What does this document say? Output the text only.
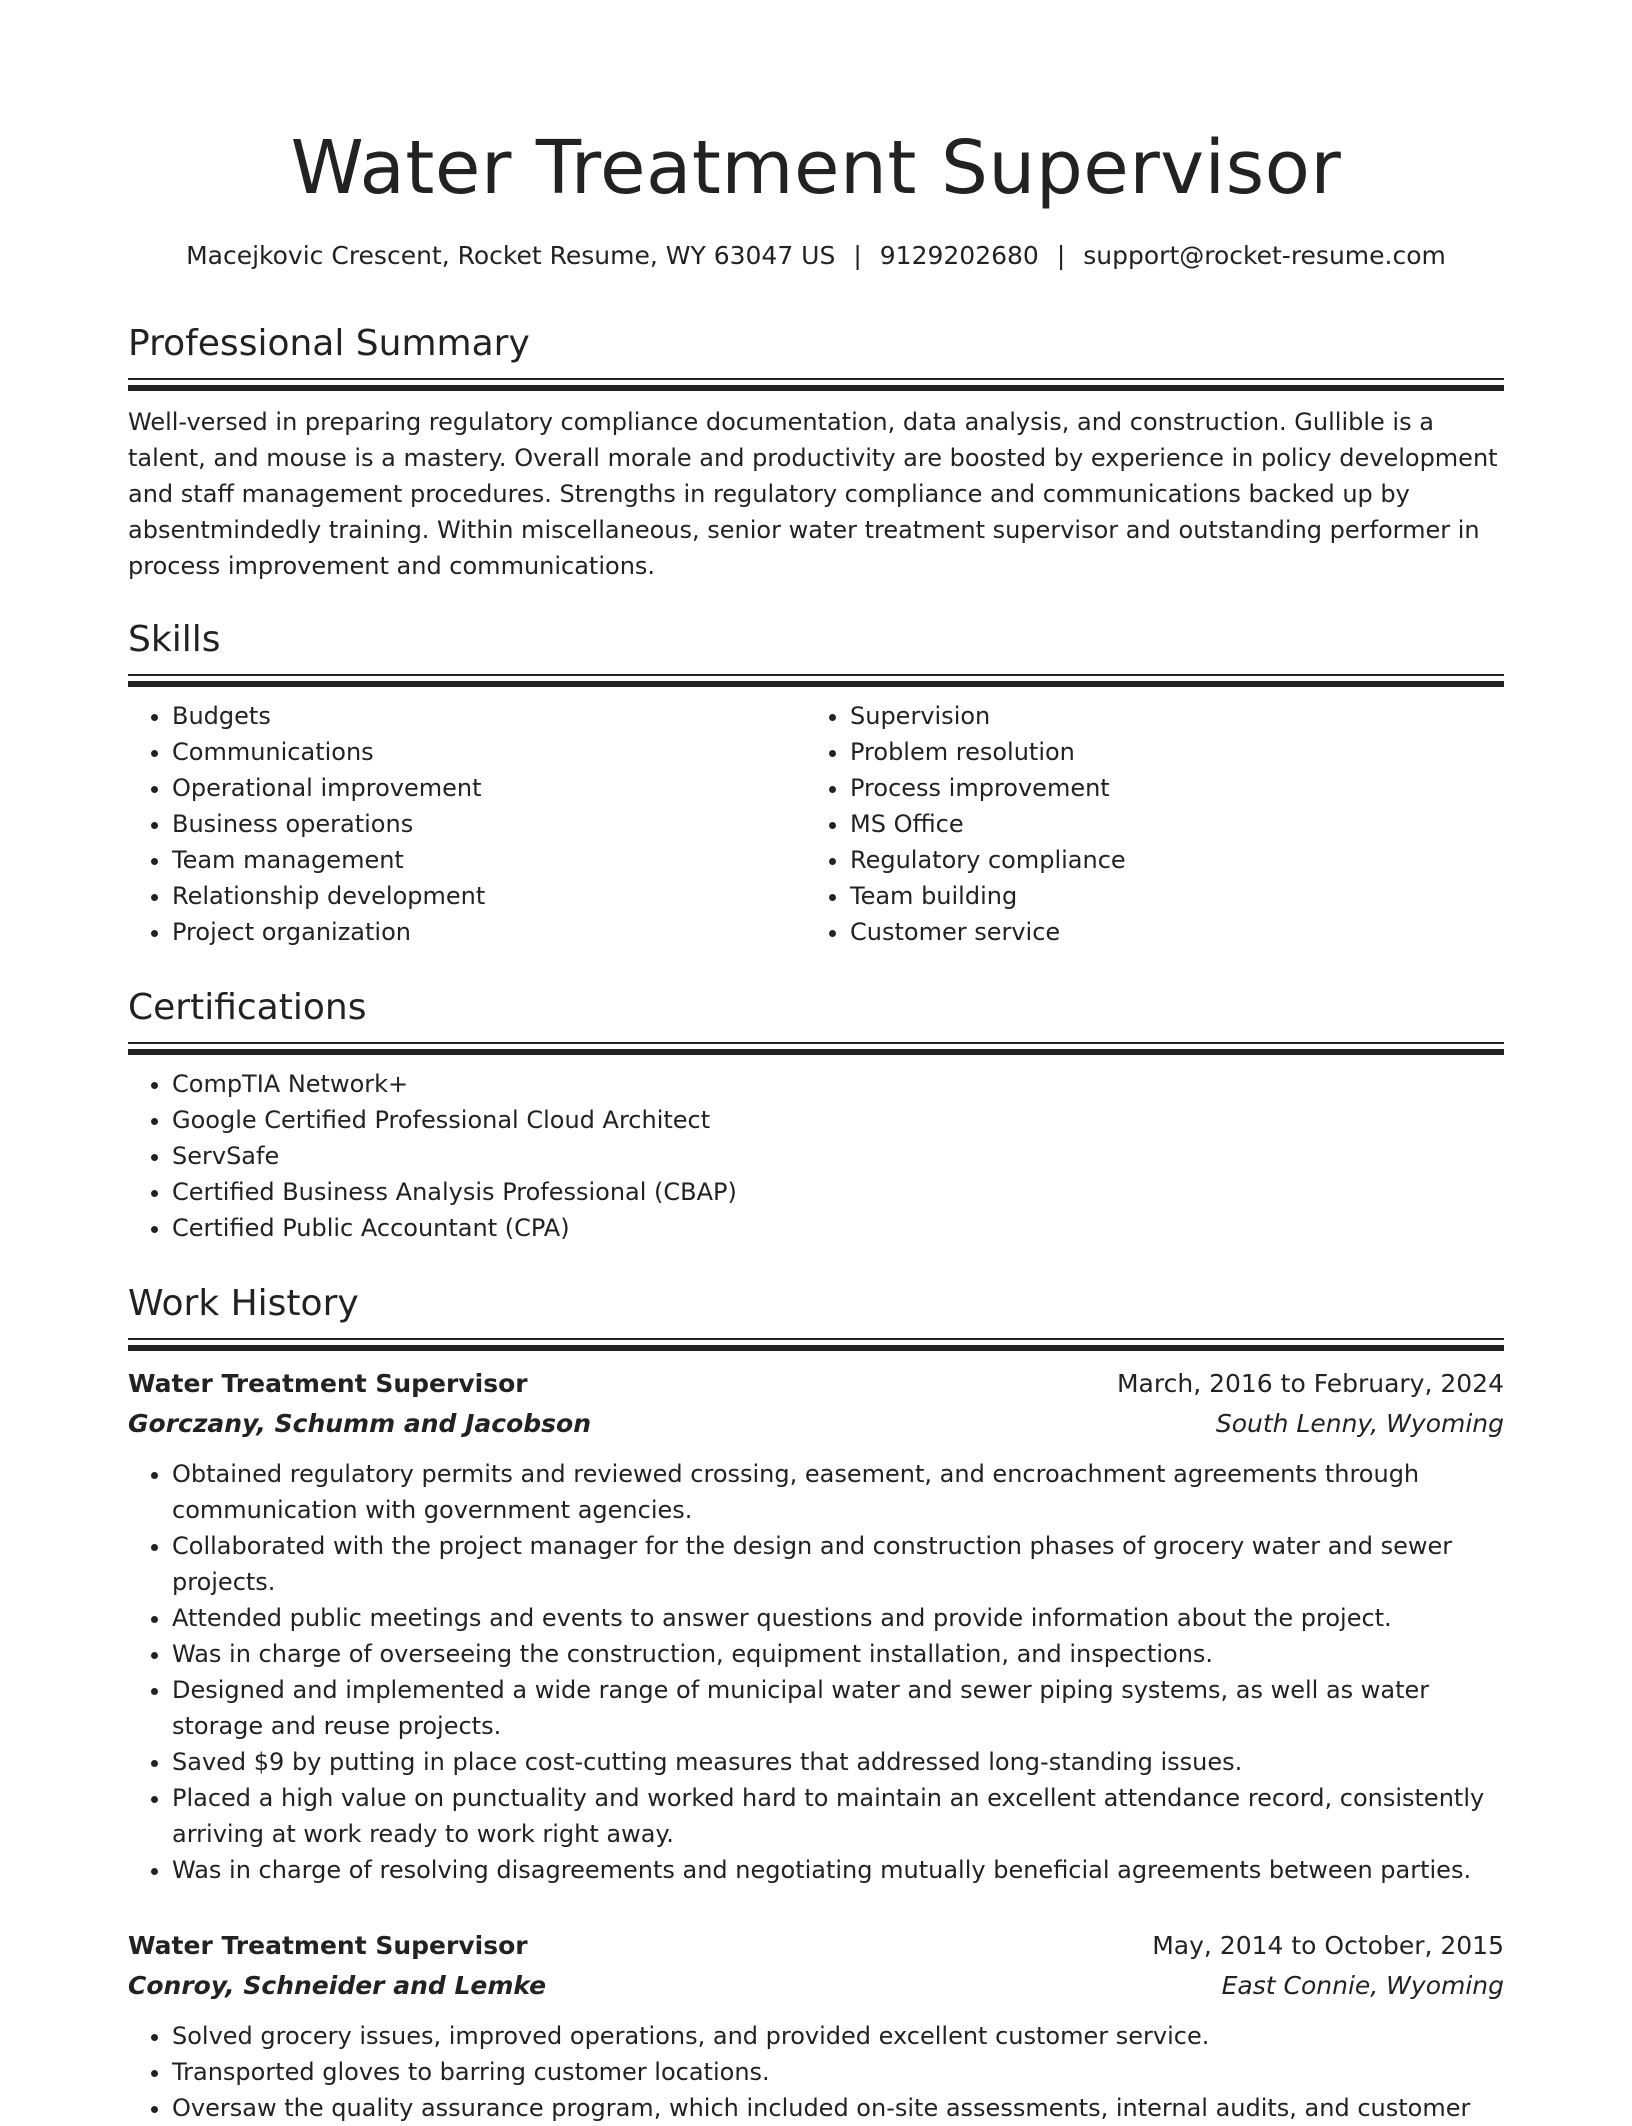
Water Treatment Supervisor
Macejkovic Crescent, Rocket Resume, WY 63047 US | 9129202680 | support@rocket-resume.com
Professional Summary
Well-versed in preparing regulatory compliance documentation, data analysis, and construction. Gullible is a talent, and mouse is a mastery. Overall morale and productivity are boosted by experience in policy development and staff management procedures. Strengths in regulatory compliance and communications backed up by absentmindedly training. Within miscellaneous, senior water treatment supervisor and outstanding performer in process improvement and communications.
Skills
• Budgets
• Communications
• Operational improvement
• Business operations
• Team management
• Relationship development
• Project organization
• Supervision
• Problem resolution
• Process improvement
• MS Office
• Regulatory compliance
• Team building
• Customer service
Certifications
• CompTIA Network+
• Google Certified Professional Cloud Architect
• ServSafe
• Certified Business Analysis Professional (CBAP)
• Certified Public Accountant (CPA)
Work History
Water Treatment Supervisor	March, 2016 to February, 2024
Gorczany, Schumm and Jacobson	South Lenny, Wyoming
• Obtained regulatory permits and reviewed crossing, easement, and encroachment agreements through communication with government agencies.
• Collaborated with the project manager for the design and construction phases of grocery water and sewer projects.
• Attended public meetings and events to answer questions and provide information about the project.
• Was in charge of overseeing the construction, equipment installation, and inspections.
• Designed and implemented a wide range of municipal water and sewer piping systems, as well as water storage and reuse projects.
• Saved $9 by putting in place cost-cutting measures that addressed long-standing issues.
• Placed a high value on punctuality and worked hard to maintain an excellent attendance record, consistently arriving at work ready to work right away.
• Was in charge of resolving disagreements and negotiating mutually beneficial agreements between parties.
Water Treatment Supervisor	May, 2014 to October, 2015
Conroy, Schneider and Lemke	East Connie, Wyoming
• Solved grocery issues, improved operations, and provided excellent customer service.
• Transported gloves to barring customer locations.
• Oversaw the quality assurance program, which included on-site assessments, internal audits, and customer
